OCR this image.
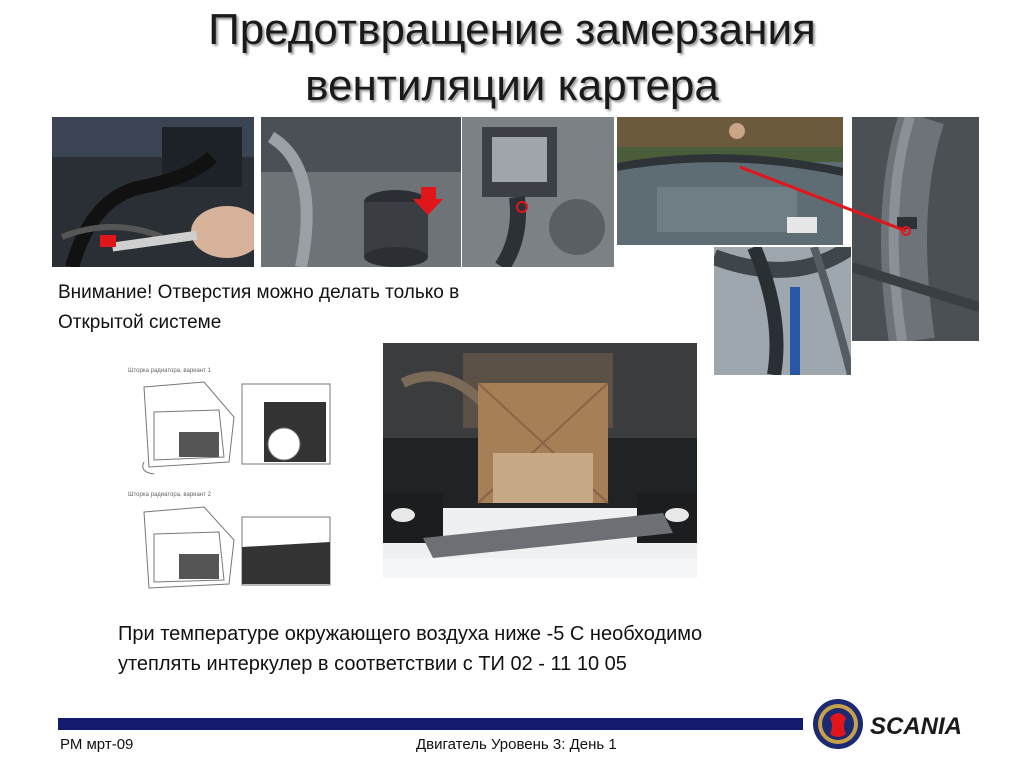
Предотвращение замерзания
вентиляции картера
Шторка радиатора, вариант 1
Шторка радиатора, вариант 2
Внимание! Отверстия можно делать только в
Открытой системе
При температуре окружающего воздуха ниже -5 С необходимо
утеплять интеркулер в соответствии с ТИ 02 - 11 10 05
РМ мрт-09	Двигатель Уровень 3: День 1
SCANIA
